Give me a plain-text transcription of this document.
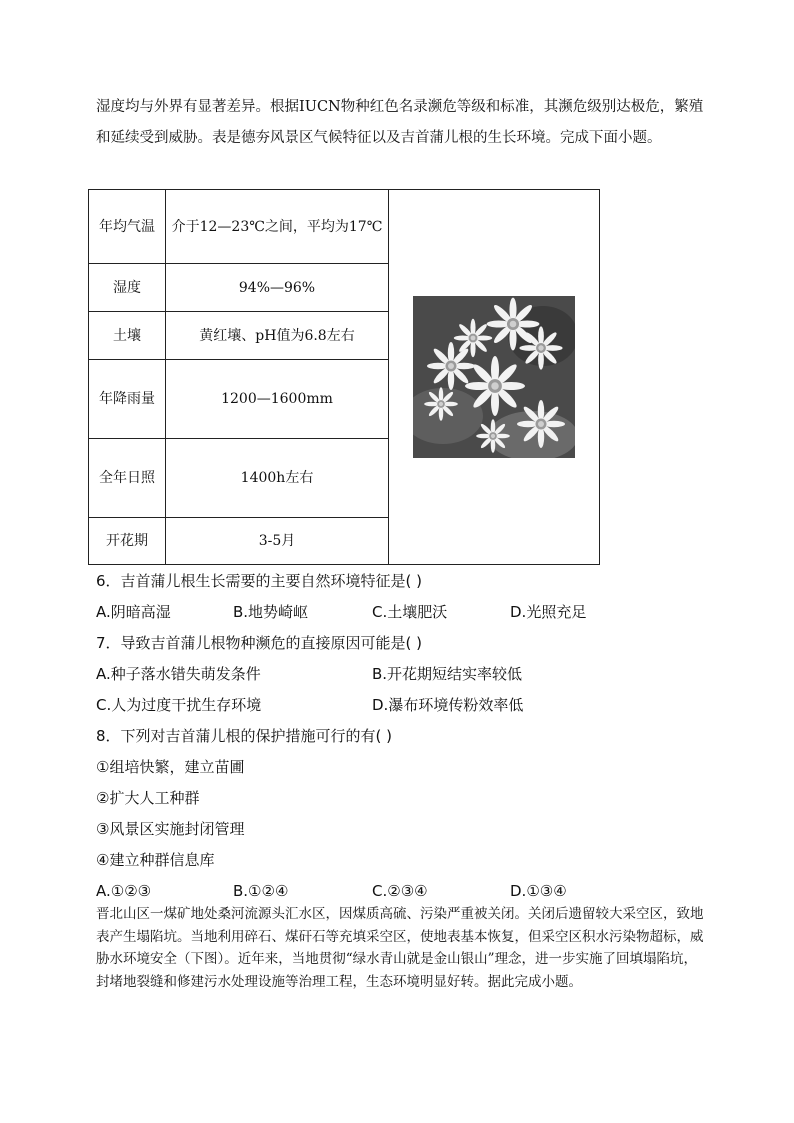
湿度均与外界有显著差异。根据IUCN物种红色名录濒危等级和标准，其濒危级别达极危，繁殖和延续受到威胁。表是德夯风景区气候特征以及吉首蒲儿根的生长环境。完成下面小题。

年均气温	介于12—23℃之间，平均为17℃	

湿度	94%—96%	
土壤	黄红壤、pH值为6.8左右	
年降雨量	1200—1600mm	
全年日照	1400h左右	
开花期	3-5月	
6．吉首蒲儿根生长需要的主要自然环境特征是( )
A.阴暗高湿	B.地势崎岖	C.土壤肥沃	D.光照充足
7．导致吉首蒲儿根物种濒危的直接原因可能是( )
A.种子落水错失萌发条件	B.开花期短结实率较低
C.人为过度干扰生存环境	D.瀑布环境传粉效率低
8．下列对吉首蒲儿根的保护措施可行的有( )
①组培快繁，建立苗圃
②扩大人工种群
③风景区实施封闭管理
④建立种群信息库
A.①②③	B.①②④	C.②③④	D.①③④

晋北山区一煤矿地处桑河流源头汇水区，因煤质高硫、污染严重被关闭。关闭后遗留较大采空区，致地表产生塌陷坑。当地利用碎石、煤矸石等充填采空区，使地表基本恢复，但采空区积水污染物超标，威胁水环境安全（下图）。近年来，当地贯彻“绿水青山就是金山银山”理念，进一步实施了回填塌陷坑，封堵地裂缝和修建污水处理设施等治理工程，生态环境明显好转。据此完成小题。
